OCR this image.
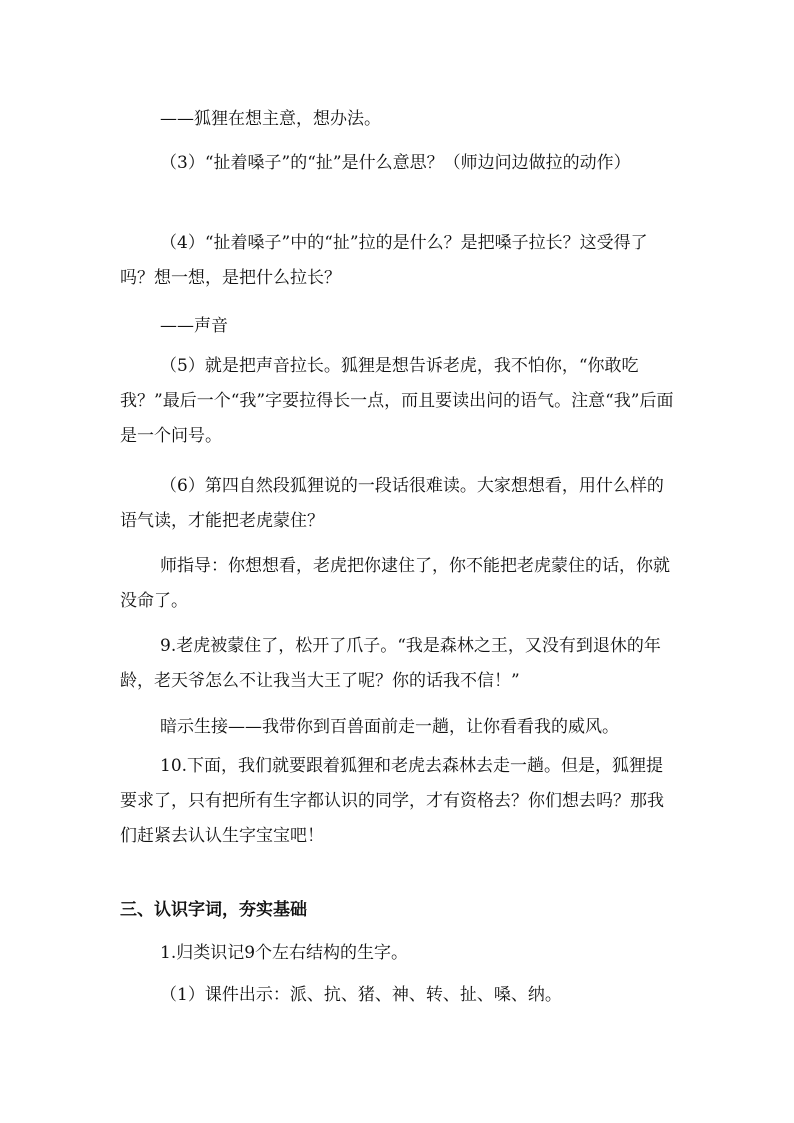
——狐狸在想主意，想办法。
（3）“扯着嗓子”的“扯”是什么意思？（师边问边做拉的动作）
（4）“扯着嗓子”中的“扯”拉的是什么？是把嗓子拉长？这受得了吗？想一想，是把什么拉长？
——声音
（5）就是把声音拉长。狐狸是想告诉老虎，我不怕你，“你敢吃我？”最后一个“我”字要拉得长一点，而且要读出问的语气。注意“我”后面是一个问号。
（6）第四自然段狐狸说的一段话很难读。大家想想看，用什么样的语气读，才能把老虎蒙住？
师指导：你想想看，老虎把你逮住了，你不能把老虎蒙住的话，你就没命了。
9.老虎被蒙住了，松开了爪子。“我是森林之王，又没有到退休的年龄，老天爷怎么不让我当大王了呢？你的话我不信！”
暗示生接——我带你到百兽面前走一趟，让你看看我的威风。
10.下面，我们就要跟着狐狸和老虎去森林去走一趟。但是，狐狸提要求了，只有把所有生字都认识的同学，才有资格去？你们想去吗？那我们赶紧去认认生字宝宝吧！
三、认识字词，夯实基础
1.归类识记9个左右结构的生字。
（1）课件出示：派、抗、猪、神、转、扯、嗓、纳。
